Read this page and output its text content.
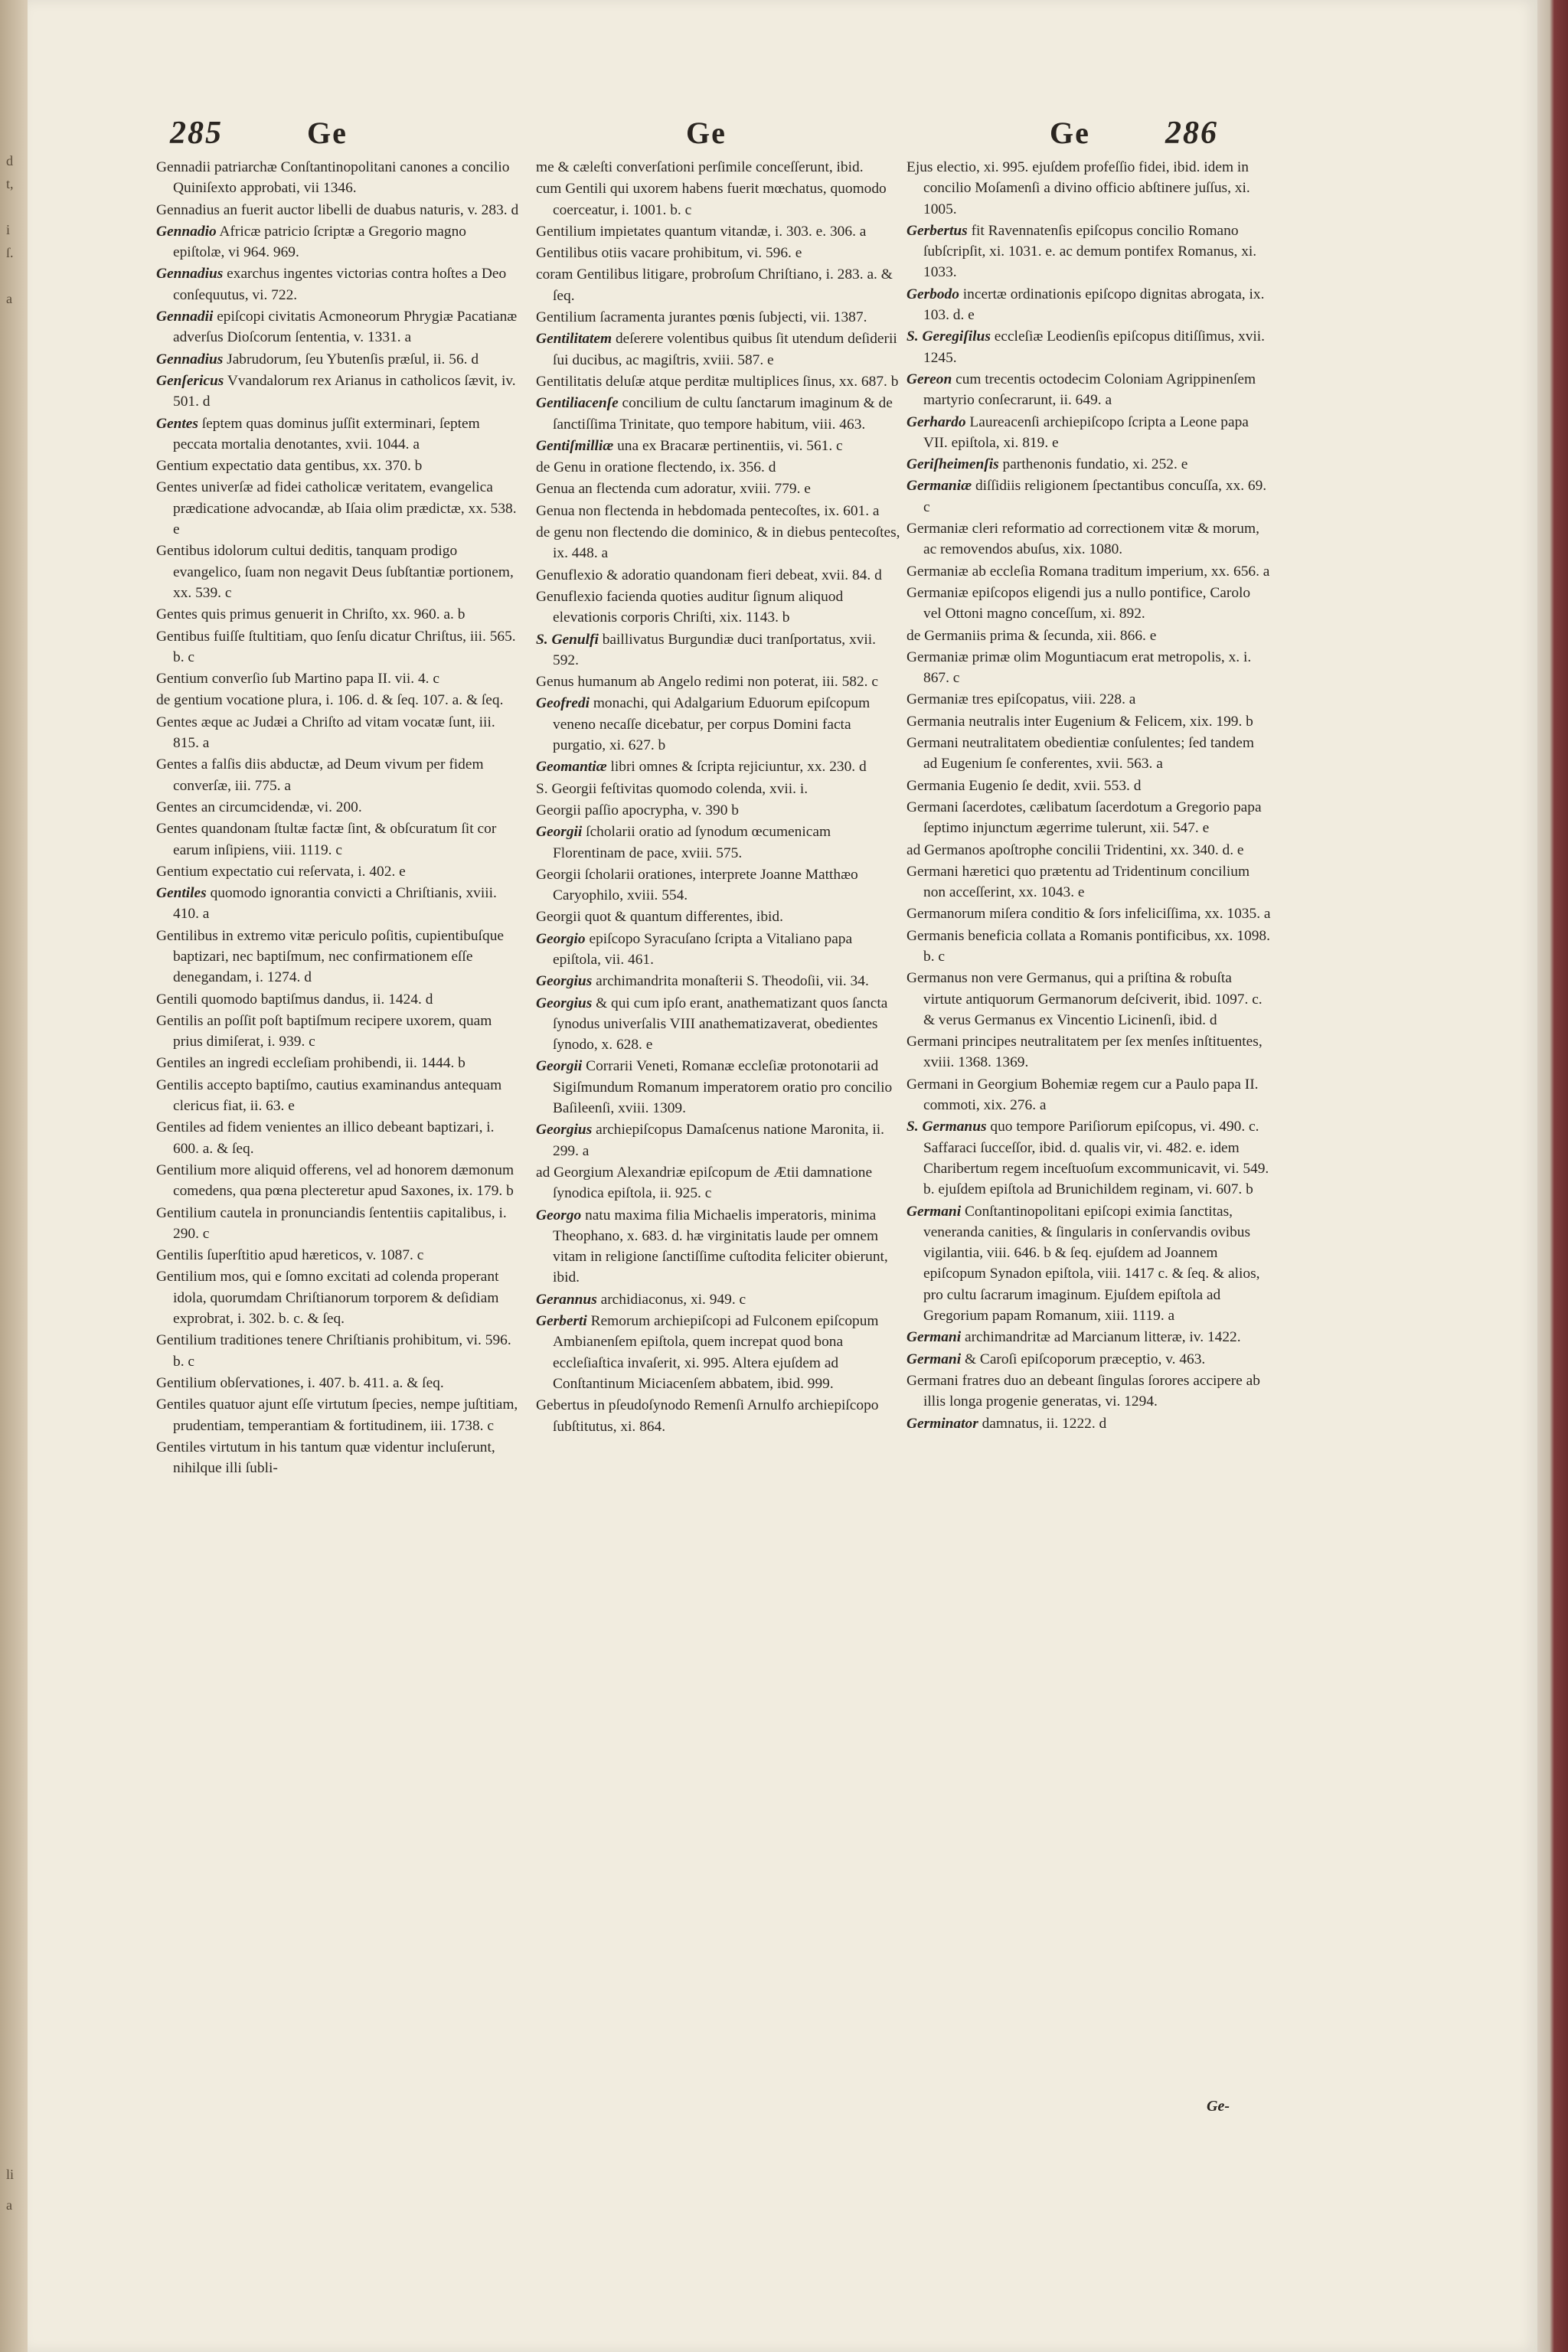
d
t,
i
ſ.
a
li
a
285	Ge	Ge	Ge 286
Gennadii patriarchæ Conſtantinopolitani canones a concilio Quiniſexto approbati, vii 1346.
Gennadius an fuerit auctor libelli de duabus naturis, v. 283. d
Gennadio Africæ patricio ſcriptæ a Gregorio magno epiſtolæ, vi 964. 969.
Gennadius exarchus ingentes victorias contra hoſtes a Deo conſequutus, vi. 722.
Gennadii epiſcopi civitatis Acmoneorum Phrygiæ Pacatianæ adverſus Dioſcorum ſententia, v. 1331. a
Gennadius Jabrudorum, ſeu Ybutenſis præſul, ii. 56. d
Genſericus Vvandalorum rex Arianus in catholicos ſævit, iv. 501. d
Gentes ſeptem quas dominus juſſit exterminari, ſeptem peccata mortalia denotantes, xvii. 1044. a
Gentium expectatio data gentibus, xx. 370. b
Gentes univerſæ ad fidei catholicæ veritatem, evangelica prædicatione advocandæ, ab Iſaia olim prædictæ, xx. 538. e
Gentibus idolorum cultui deditis, tanquam prodigo evangelico, ſuam non negavit Deus ſubſtantiæ portionem, xx. 539. c
Gentes quis primus genuerit in Chriſto, xx. 960. a. b
Gentibus fuiſſe ſtultitiam, quo ſenſu dicatur Chriſtus, iii. 565. b. c
Gentium converſio ſub Martino papa II. vii. 4. c
de gentium vocatione plura, i. 106. d. & ſeq. 107. a. & ſeq.
Gentes æque ac Judæi a Chriſto ad vitam vocatæ ſunt, iii. 815. a
Gentes a falſis diis abductæ, ad Deum vivum per fidem converſæ, iii. 775. a
Gentes an circumcidendæ, vi. 200.
Gentes quandonam ſtultæ factæ ſint, & obſcuratum ſit cor earum inſipiens, viii. 1119. c
Gentium expectatio cui reſervata, i. 402. e
Gentiles quomodo ignorantia convicti a Chriſtianis, xviii. 410. a
Gentilibus in extremo vitæ periculo poſitis, cupientibuſque baptizari, nec baptiſmum, nec confirmationem eſſe denegandam, i. 1274. d
Gentili quomodo baptiſmus dandus, ii. 1424. d
Gentilis an poſſit poſt baptiſmum recipere uxorem, quam prius dimiſerat, i. 939. c
Gentiles an ingredi eccleſiam prohibendi, ii. 1444. b
Gentilis accepto baptiſmo, cautius examinandus antequam clericus fiat, ii. 63. e
Gentiles ad fidem venientes an illico debeant baptizari, i. 600. a. & ſeq.
Gentilium more aliquid offerens, vel ad honorem dæmonum comedens, qua pœna plecteretur apud Saxones, ix. 179. b
Gentilium cautela in pronunciandis ſententiis capitalibus, i. 290. c
Gentilis ſuperſtitio apud hæreticos, v. 1087. c
Gentilium mos, qui e ſomno excitati ad colenda properant idola, quorumdam Chriſtianorum torporem & deſidiam exprobrat, i. 302. b. c. & ſeq.
Gentilium traditiones tenere Chriſtianis prohibitum, vi. 596. b. c
Gentilium obſervationes, i. 407. b. 411. a. & ſeq.
Gentiles quatuor ajunt eſſe virtutum ſpecies, nempe juſtitiam, prudentiam, temperantiam & fortitudinem, iii. 1738. c
Gentiles virtutum in his tantum quæ videntur incluſerunt, nihilque illi ſubli-
me & cæleſti converſationi perſimile conceſſerunt, ibid.
cum Gentili qui uxorem habens fuerit mœchatus, quomodo coerceatur, i. 1001. b. c
Gentilium impietates quantum vitandæ, i. 303. e. 306. a
Gentilibus otiis vacare prohibitum, vi. 596. e
coram Gentilibus litigare, probroſum Chriſtiano, i. 283. a. & ſeq.
Gentilium ſacramenta jurantes pœnis ſubjecti, vii. 1387.
Gentilitatem deſerere volentibus quibus ſit utendum deſiderii ſui ducibus, ac magiſtris, xviii. 587. e
Gentilitatis deluſæ atque perditæ multiplices ſinus, xx. 687. b
Gentiliacenſe concilium de cultu ſanctarum imaginum & de ſanctiſſima Trinitate, quo tempore habitum, viii. 463.
Gentiſmilliæ una ex Bracaræ pertinentiis, vi. 561. c
de Genu in oratione flectendo, ix. 356. d
Genua an flectenda cum adoratur, xviii. 779. e
Genua non flectenda in hebdomada pentecoſtes, ix. 601. a
de genu non flectendo die dominico, & in diebus pentecoſtes, ix. 448. a
Genuflexio & adoratio quandonam fieri debeat, xvii. 84. d
Genuflexio facienda quoties auditur ſignum aliquod elevationis corporis Chriſti, xix. 1143. b
S. Genulfi baillivatus Burgundiæ duci tranſportatus, xvii. 592.
Genus humanum ab Angelo redimi non poterat, iii. 582. c
Geofredi monachi, qui Adalgarium Eduorum epiſcopum veneno necaſſe dicebatur, per corpus Domini facta purgatio, xi. 627. b
Geomantiæ libri omnes & ſcripta rejiciuntur, xx. 230. d
S. Georgii feſtivitas quomodo colenda, xvii. i.
Georgii paſſio apocrypha, v. 390 b
Georgii ſcholarii oratio ad ſynodum œcumenicam Florentinam de pace, xviii. 575.
Georgii ſcholarii orationes, interprete Joanne Matthæo Caryophilo, xviii. 554.
Georgii quot & quantum differentes, ibid.
Georgio epiſcopo Syracuſano ſcripta a Vitaliano papa epiſtola, vii. 461.
Georgius archimandrita monaſterii S. Theodoſii, vii. 34.
Georgius & qui cum ipſo erant, anathematizant quos ſancta ſynodus univerſalis VIII anathematizaverat, obedientes ſynodo, x. 628. e
Georgii Corrarii Veneti, Romanæ eccleſiæ protonotarii ad Sigiſmundum Romanum imperatorem oratio pro concilio Baſileenſi, xviii. 1309.
Georgius archiepiſcopus Damaſcenus natione Maronita, ii. 299. a
ad Georgium Alexandriæ epiſcopum de Ætii damnatione ſynodica epiſtola, ii. 925. c
Georgo natu maxima filia Michaelis imperatoris, minima Theophano, x. 683. d. hæ virginitatis laude per omnem vitam in religione ſanctiſſime cuſtodita feliciter obierunt, ibid.
Gerannus archidiaconus, xi. 949. c
Gerberti Remorum archiepiſcopi ad Fulconem epiſcopum Ambianenſem epiſtola, quem increpat quod bona eccleſiaſtica invaſerit, xi. 995. Altera ejuſdem ad Conſtantinum Miciacenſem abbatem, ibid. 999.
Gebertus in pſeudoſynodo Remenſi Arnulfo archiepiſcopo ſubſtitutus, xi. 864.
Ejus electio, xi. 995. ejuſdem profeſſio fidei, ibid. idem in concilio Moſamenſi a divino officio abſtinere juſſus, xi. 1005.
Gerbertus fit Ravennatenſis epiſcopus concilio Romano ſubſcripſit, xi. 1031. e. ac demum pontifex Romanus, xi. 1033.
Gerbodo incertæ ordinationis epiſcopo dignitas abrogata, ix. 103. d. e
S. Geregiſilus eccleſiæ Leodienſis epiſcopus ditiſſimus, xvii. 1245.
Gereon cum trecentis octodecim Coloniam Agrippinenſem martyrio conſecrarunt, ii. 649. a
Gerhardo Laureacenſi archiepiſcopo ſcripta a Leone papa VII. epiſtola, xi. 819. e
Geriſheimenſis parthenonis fundatio, xi. 252. e
Germaniæ diſſidiis religionem ſpectantibus concuſſa, xx. 69. c
Germaniæ cleri reformatio ad correctionem vitæ & morum, ac removendos abuſus, xix. 1080.
Germaniæ ab eccleſia Romana traditum imperium, xx. 656. a
Germaniæ epiſcopos eligendi jus a nullo pontifice, Carolo vel Ottoni magno conceſſum, xi. 892.
de Germaniis prima & ſecunda, xii. 866. e
Germaniæ primæ olim Moguntiacum erat metropolis, x. i. 867. c
Germaniæ tres epiſcopatus, viii. 228. a
Germania neutralis inter Eugenium & Felicem, xix. 199. b
Germani neutralitatem obedientiæ conſulentes; ſed tandem ad Eugenium ſe conferentes, xvii. 563. a
Germania Eugenio ſe dedit, xvii. 553. d
Germani ſacerdotes, cælibatum ſacerdotum a Gregorio papa ſeptimo injunctum ægerrime tulerunt, xii. 547. e
ad Germanos apoſtrophe concilii Tridentini, xx. 340. d. e
Germani hæretici quo prætentu ad Tridentinum concilium non acceſſerint, xx. 1043. e
Germanorum miſera conditio & ſors infeliciſſima, xx. 1035. a
Germanis beneficia collata a Romanis pontificibus, xx. 1098. b. c
Germanus non vere Germanus, qui a priſtina & robuſta virtute antiquorum Germanorum deſciverit, ibid. 1097. c. & verus Germanus ex Vincentio Licinenſi, ibid. d
Germani principes neutralitatem per ſex menſes inſtituentes, xviii. 1368. 1369.
Germani in Georgium Bohemiæ regem cur a Paulo papa II. commoti, xix. 276. a
S. Germanus quo tempore Pariſiorum epiſcopus, vi. 490. c. Saffaraci ſucceſſor, ibid. d. qualis vir, vi. 482. e. idem Charibertum regem inceſtuoſum excommunicavit, vi. 549. b. ejuſdem epiſtola ad Brunichildem reginam, vi. 607. b
Germani Conſtantinopolitani epiſcopi eximia ſanctitas, veneranda canities, & ſingularis in conſervandis ovibus vigilantia, viii. 646. b & ſeq. ejuſdem ad Joannem epiſcopum Synadon epiſtola, viii. 1417 c. & ſeq. & alios, pro cultu ſacrarum imaginum. Ejuſdem epiſtola ad Gregorium papam Romanum, xiii. 1119. a
Germani archimandritæ ad Marcianum litteræ, iv. 1422.
Germani & Caroſi epiſcoporum præceptio, v. 463.
Germani fratres duo an debeant ſingulas ſorores accipere ab illis longa progenie generatas, vi. 1294.
Germinator damnatus, ii. 1222. d
Ge-
